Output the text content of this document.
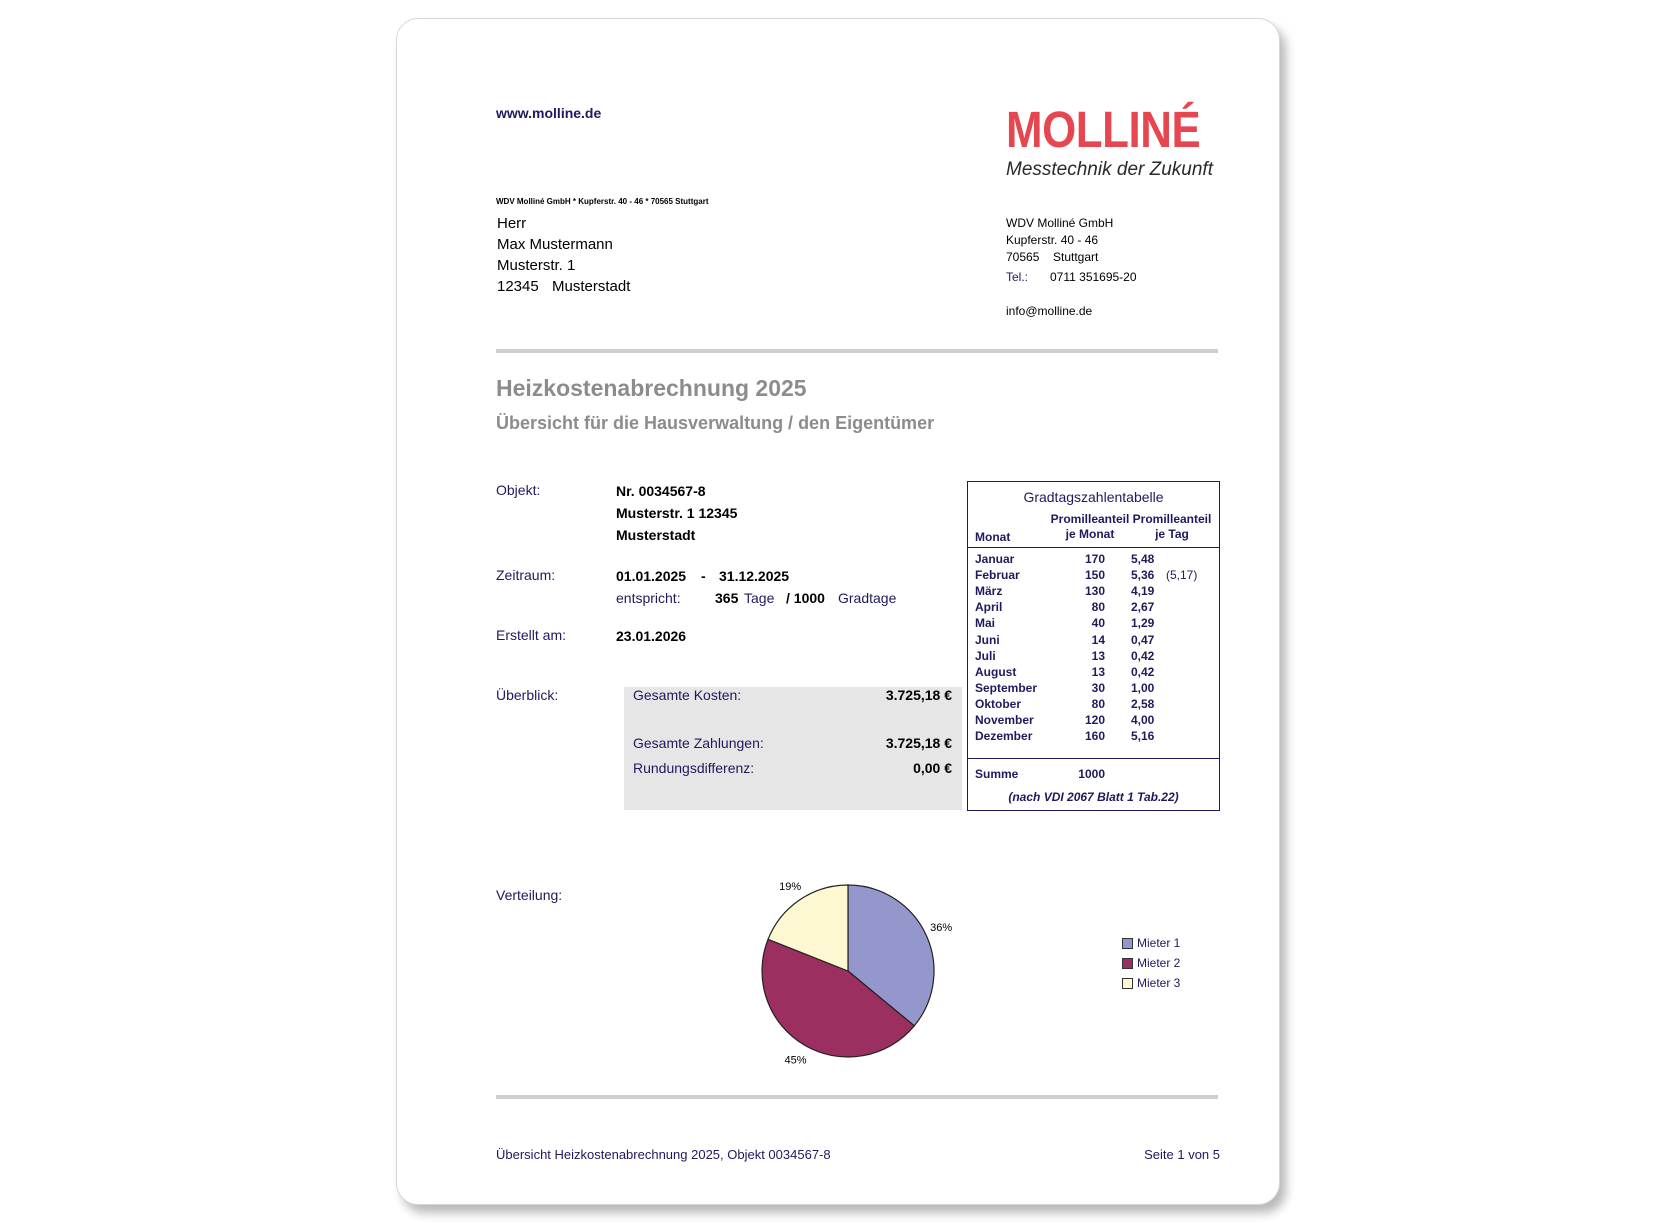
www.molline.de	MOLLINÉ
Messtechnik der Zukunft
WDV Molliné GmbH * Kupferstr. 40 - 46 * 70565 Stuttgart
Herr
Max Mustermann
Musterstr. 1
12345 Musterstadt
WDV Molliné GmbH
Kupferstr. 40 - 46
70565 Stuttgart
Tel.: 0711 351695-20
info@molline.de
Heizkostenabrechnung 2025
Übersicht für die Hausverwaltung / den Eigentümer
Objekt:	Nr. 0034567-8
Musterstr. 1 12345
Musterstadt
Zeitraum:	01.01.2025 - 31.12.2025
entspricht: 365 Tage / 1000 Gradtage
Erstellt am:	23.01.2026
Überblick:	Gesamte Kosten:	3.725,18 €
Gesamte Zahlungen:	3.725,18 €
Rundungsdifferenz:	0,00 €
Gradtagszahlentabelle
Promilleanteil
je Monat
Promilleanteil
je Tag
Monat
Januar	170 5,48
Februar	150 5,36 (5,17)
März	130 4,19
April	80 2,67
Mai	40 1,29
Juni	14 0,47
Juli	13 0,42
August	13 0,42
September	30 1,00
Oktober	80 2,58
November	120 4,00
Dezember	160 5,16
Summe	1000
(nach VDI 2067 Blatt 1 Tab.22)
Verteilung:
36%
45%
19%
Mieter 1
Mieter 2
Mieter 3
Übersicht Heizkostenabrechnung 2025, Objekt 0034567-8	Seite 1 von 5
